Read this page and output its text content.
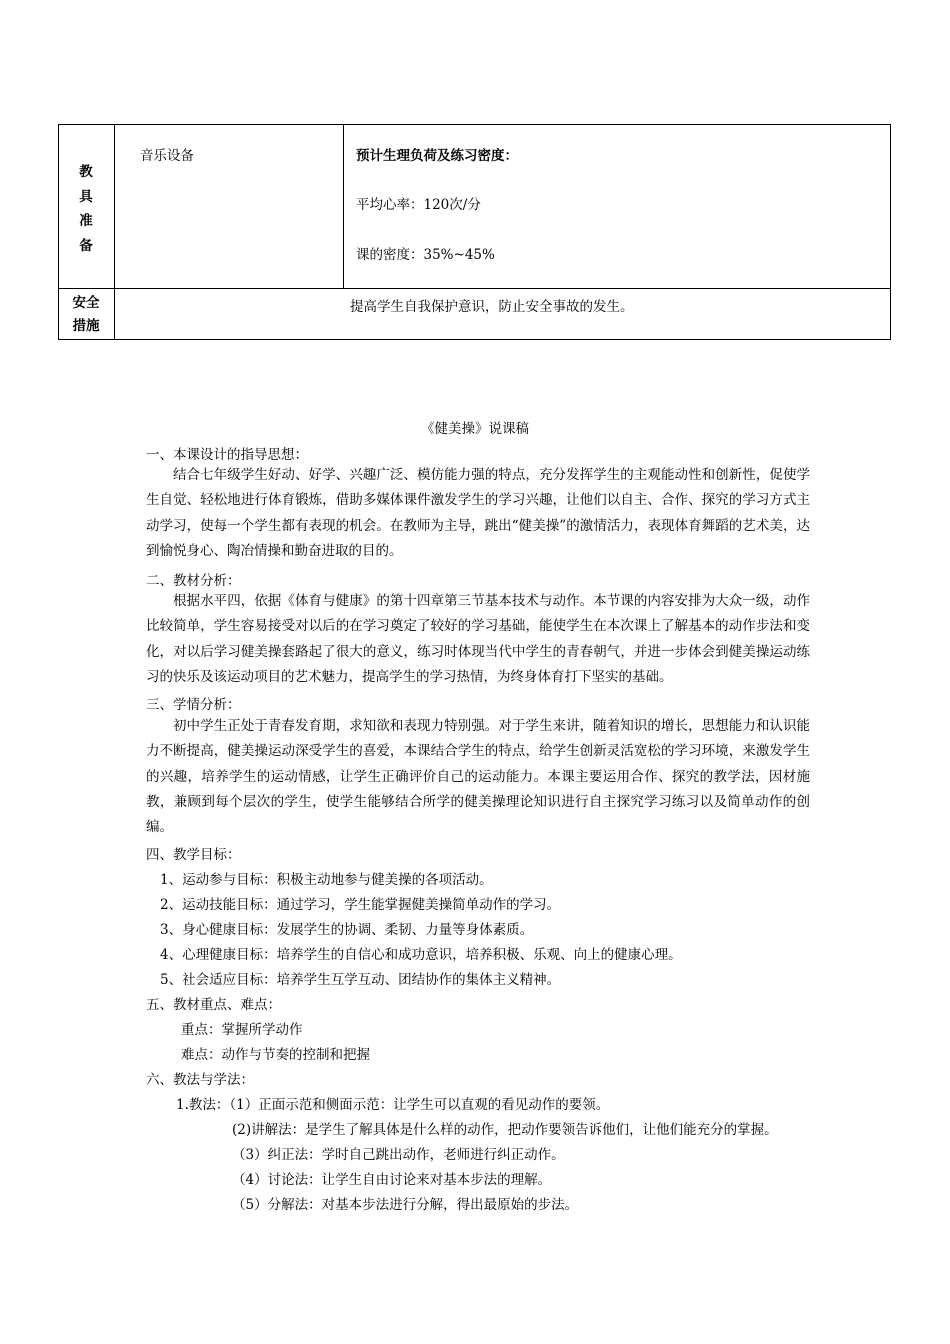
教
具
准
备
音乐设备	预计生理负荷及练习密度：
平均心率：120次/分
课的密度：35%~45%
安全
措施
提高学生自我保护意识，防止安全事故的发生。
《健美操》说课稿
一、本课设计的指导思想：
结合七年级学生好动、好学、兴趣广泛、模仿能力强的特点，充分发挥学生的主观能动性和创新性，促使学生自觉、轻松地进行体育锻炼，借助多媒体课件激发学生的学习兴趣，让他们以自主、合作、探究的学习方式主动学习，使每一个学生都有表现的机会。在教师为主导，跳出“健美操”的激情活力，表现体育舞蹈的艺术美，达到愉悦身心、陶冶情操和勤奋进取的目的。
二、教材分析：
根据水平四，依据《体育与健康》的第十四章第三节基本技术与动作。本节课的内容安排为大众一级，动作比较简单，学生容易接受对以后的在学习奠定了较好的学习基础，能使学生在本次课上了解基本的动作步法和变化，对以后学习健美操套路起了很大的意义，练习时体现当代中学生的青春朝气，并进一步体会到健美操运动练习的快乐及该运动项目的艺术魅力，提高学生的学习热情，为终身体育打下坚实的基础。
三、学情分析：
初中学生正处于青春发育期，求知欲和表现力特别强。对于学生来讲，随着知识的增长，思想能力和认识能力不断提高，健美操运动深受学生的喜爱，本课结合学生的特点，给学生创新灵活宽松的学习环境，来激发学生的兴趣，培养学生的运动情感，让学生正确评价自己的运动能力。本课主要运用合作、探究的教学法，因材施教，兼顾到每个层次的学生，使学生能够结合所学的健美操理论知识进行自主探究学习练习以及简单动作的创编。
四、教学目标：
1、运动参与目标：积极主动地参与健美操的各项活动。
2、运动技能目标：通过学习，学生能掌握健美操简单动作的学习。
3、身心健康目标：发展学生的协调、柔韧、力量等身体素质。
4、心理健康目标：培养学生的自信心和成功意识，培养积极、乐观、向上的健康心理。
5、社会适应目标：培养学生互学互动、团结协作的集体主义精神。
五、教材重点、难点：
重点：掌握所学动作
难点：动作与节奏的控制和把握
六、教法与学法：
1.教法：（1）正面示范和侧面示范：让学生可以直观的看见动作的要领。
(2)讲解法：是学生了解具体是什么样的动作，把动作要领告诉他们，让他们能充分的掌握。
（3）纠正法：学时自己跳出动作，老师进行纠正动作。
（4）讨论法：让学生自由讨论来对基本步法的理解。
（5）分解法：对基本步法进行分解，得出最原始的步法。
